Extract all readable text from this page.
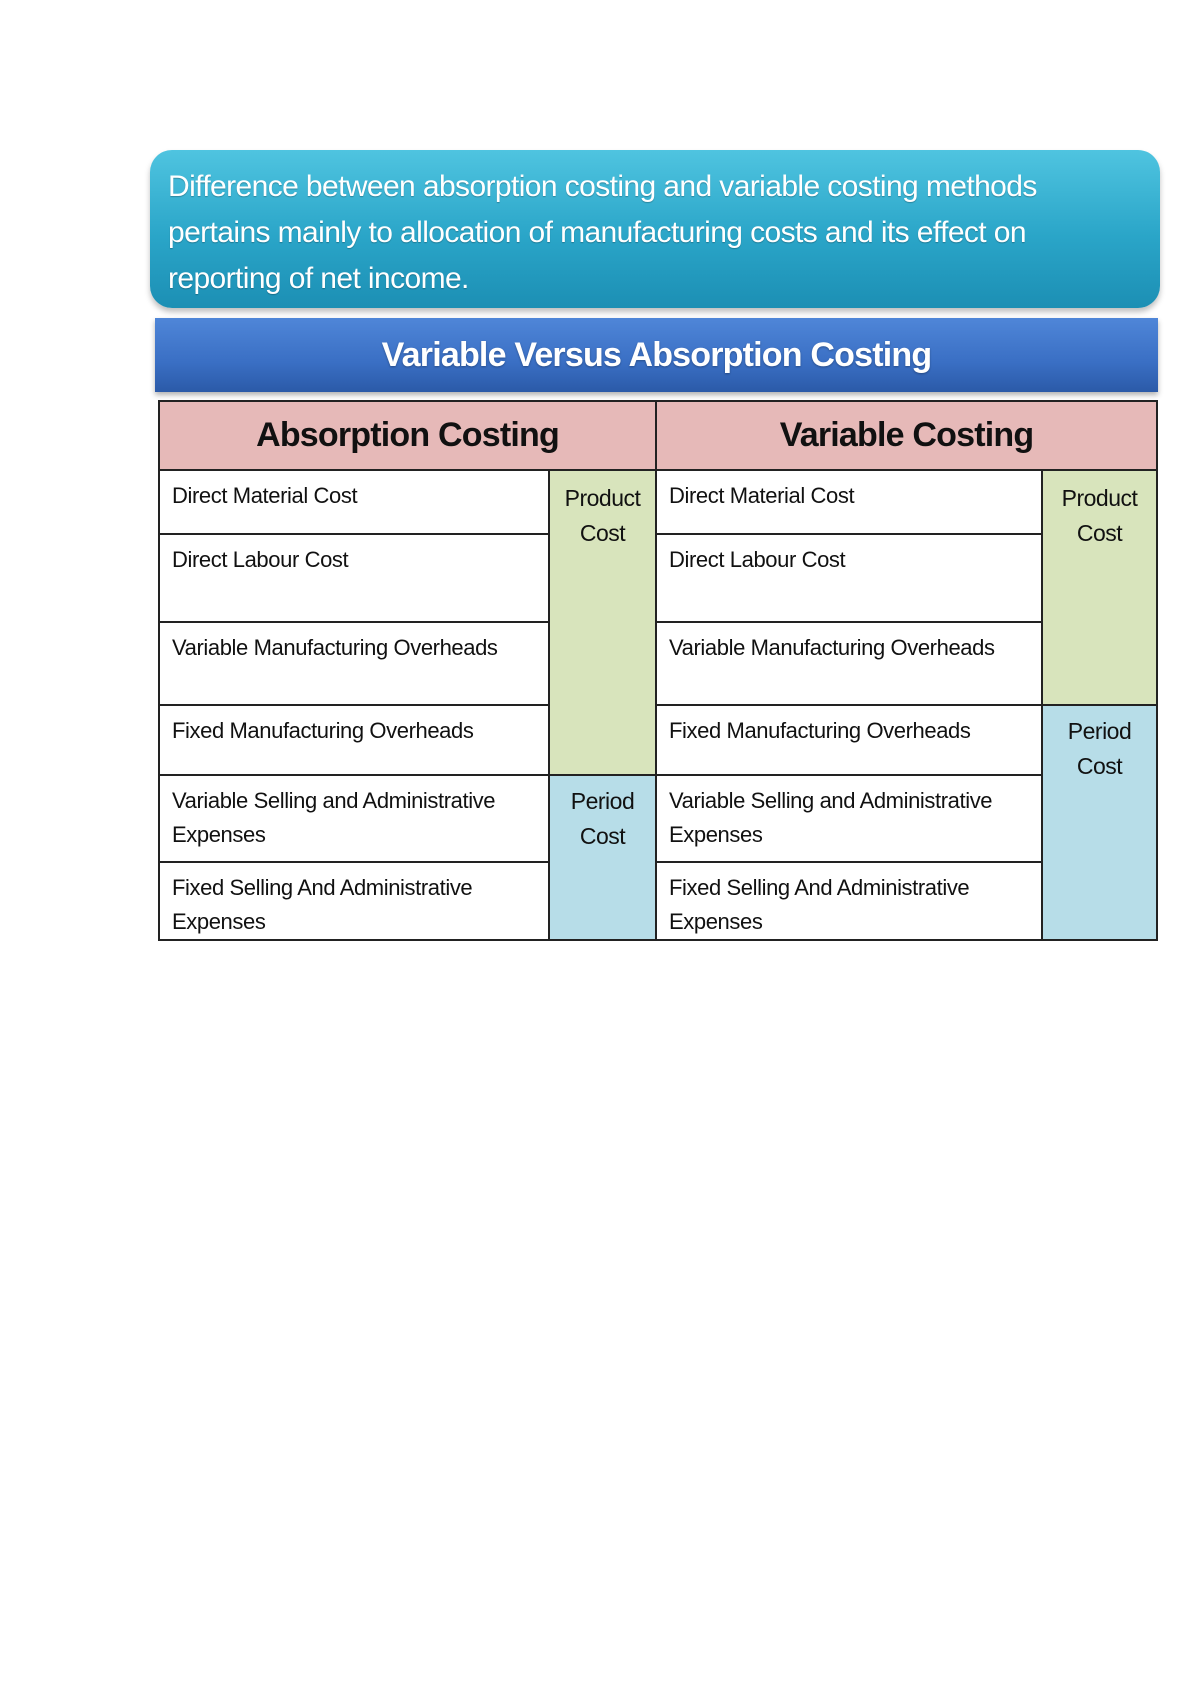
Difference between absorption costing and variable costing methods pertains mainly to allocation of manufacturing costs and its effect on reporting of net income.
Variable Versus Absorption Costing
Absorption Costing		Variable Costing	
Direct Material Cost	Product Cost	Direct Material Cost	Product Cost
Direct Labour Cost		Direct Labour Cost	
Variable Manufacturing Overheads		Variable Manufacturing Overheads	
Fixed Manufacturing Overheads		Fixed Manufacturing Overheads	Period Cost
Variable Selling and Administrative Expenses	Period Cost	Variable Selling and Administrative Expenses	
Fixed Selling And Administrative Expenses		Fixed Selling And Administrative Expenses	
